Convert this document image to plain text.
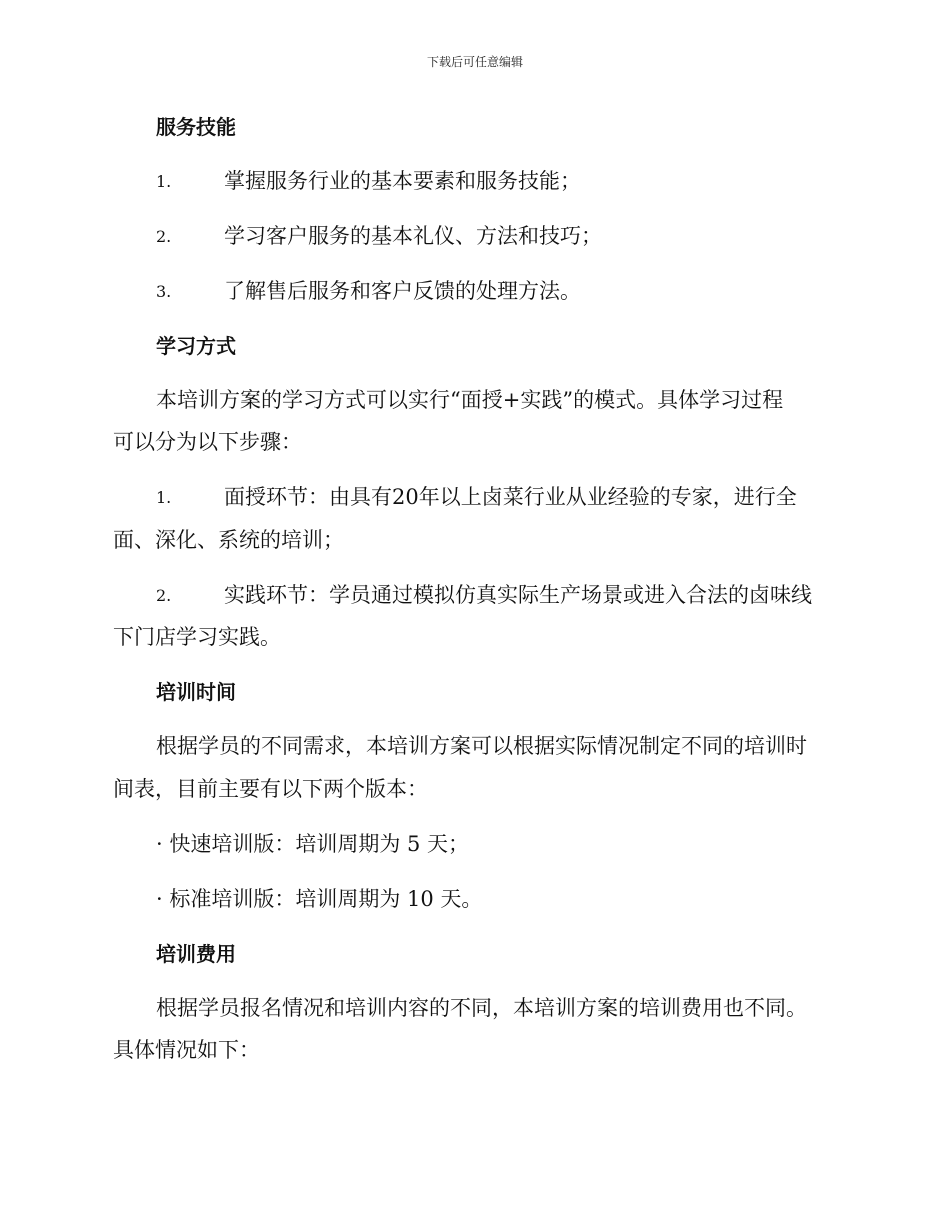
下载后可任意编辑
服务技能
1.	掌握服务行业的基本要素和服务技能；
2.	学习客户服务的基本礼仪、方法和技巧；
3.	了解售后服务和客户反馈的处理方法。
学习方式
本培训方案的学习方式可以实行“面授+实践”的模式。具体学习过程
可以分为以下步骤：
1.	面授环节：由具有20年以上卤菜行业从业经验的专家，进行全
面、深化、系统的培训；
2.	实践环节：学员通过模拟仿真实际生产场景或进入合法的卤味线
下门店学习实践。
培训时间
根据学员的不同需求，本培训方案可以根据实际情况制定不同的培训时
间表，目前主要有以下两个版本：
· 快速培训版：培训周期为 5 天；
· 标准培训版：培训周期为 10 天。
培训费用
根据学员报名情况和培训内容的不同，本培训方案的培训费用也不同。
具体情况如下：
